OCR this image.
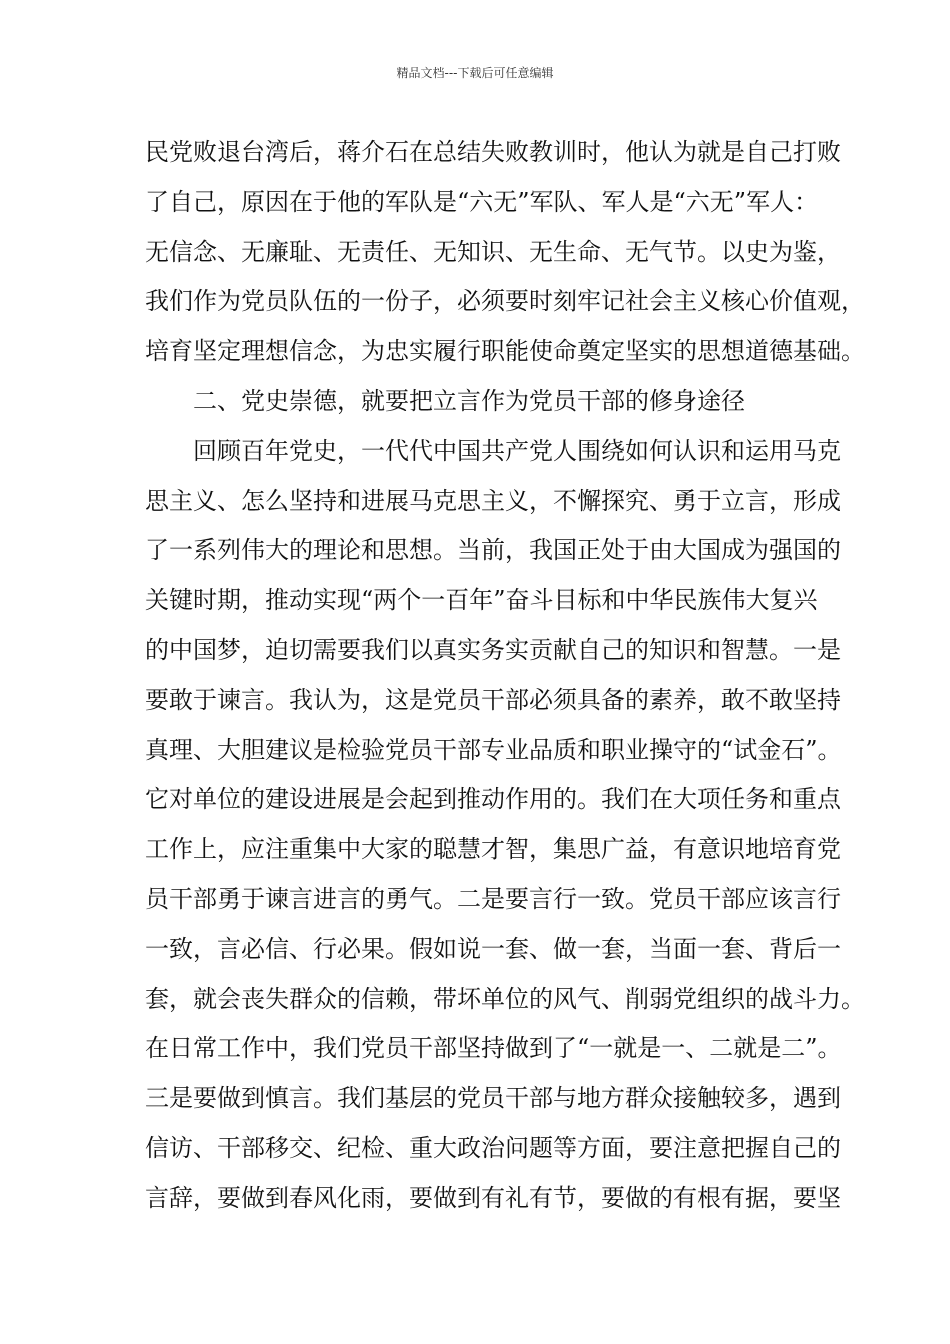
精品文档---下载后可任意编辑
民党败退台湾后，蒋介石在总结失败教训时，他认为就是自己打败
了自己，原因在于他的军队是“六无”军队、军人是“六无”军人：
无信念、无廉耻、无责任、无知识、无生命、无气节。以史为鉴，
我们作为党员队伍的一份子，必须要时刻牢记社会主义核心价值观，
培育坚定理想信念，为忠实履行职能使命奠定坚实的思想道德基础。
二、党史崇德，就要把立言作为党员干部的修身途径
回顾百年党史，一代代中国共产党人围绕如何认识和运用马克
思主义、怎么坚持和进展马克思主义，不懈探究、勇于立言，形成
了一系列伟大的理论和思想。当前，我国正处于由大国成为强国的
关键时期，推动实现“两个一百年”奋斗目标和中华民族伟大复兴
的中国梦，迫切需要我们以真实务实贡献自己的知识和智慧。一是
要敢于谏言。我认为，这是党员干部必须具备的素养，敢不敢坚持
真理、大胆建议是检验党员干部专业品质和职业操守的“试金石”。
它对单位的建设进展是会起到推动作用的。我们在大项任务和重点
工作上，应注重集中大家的聪慧才智，集思广益，有意识地培育党
员干部勇于谏言进言的勇气。二是要言行一致。党员干部应该言行
一致，言必信、行必果。假如说一套、做一套，当面一套、背后一
套，就会丧失群众的信赖，带坏单位的风气、削弱党组织的战斗力。
在日常工作中，我们党员干部坚持做到了“一就是一、二就是二”。
三是要做到慎言。我们基层的党员干部与地方群众接触较多，遇到
信访、干部移交、纪检、重大政治问题等方面，要注意把握自己的
言辞，要做到春风化雨，要做到有礼有节，要做的有根有据，要坚
